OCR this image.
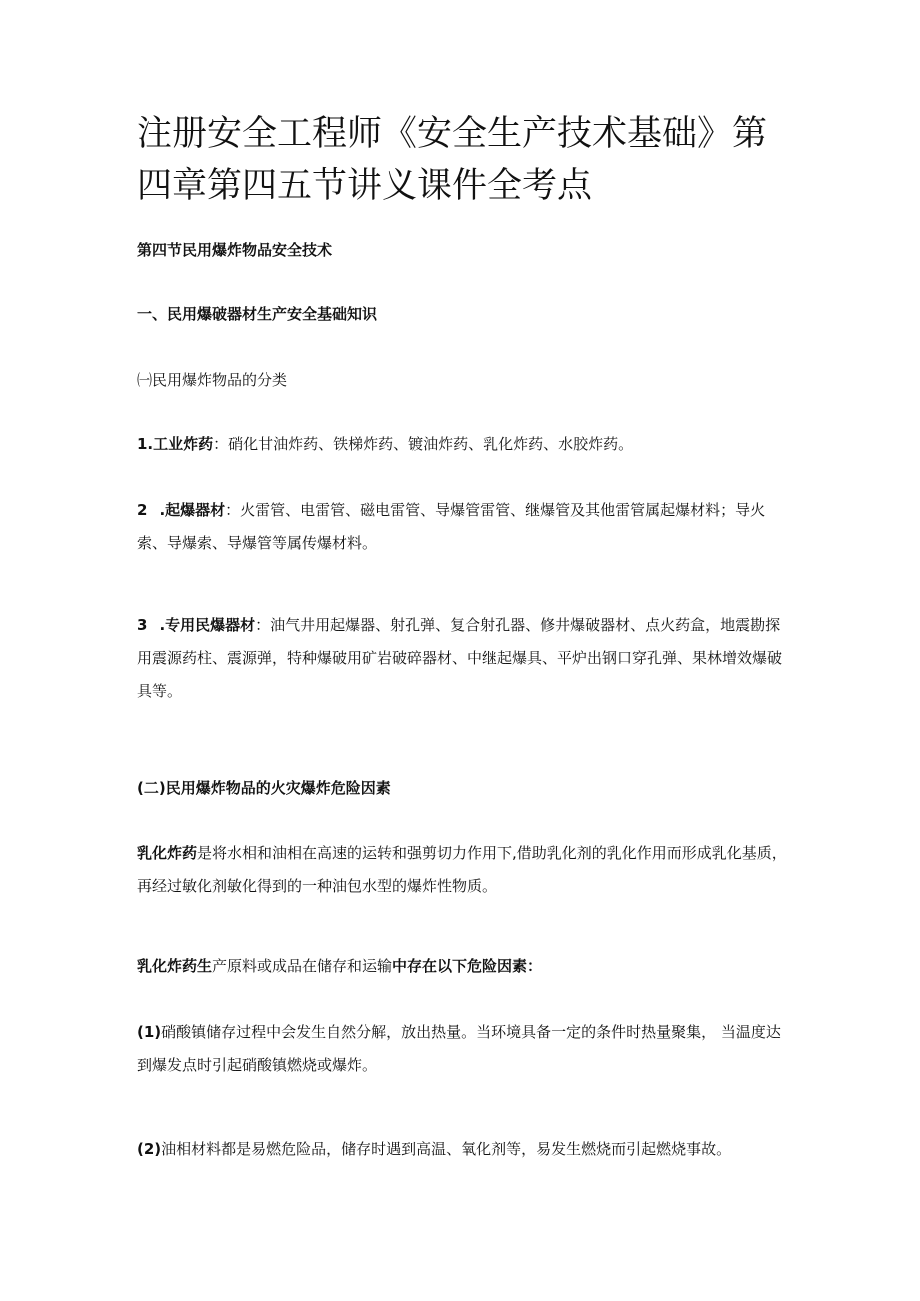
注册安全工程师《安全生产技术基础》第四章第四五节讲义课件全考点

第四节民用爆炸物品安全技术

一、民用爆破器材生产安全基础知识

㈠民用爆炸物品的分类

1.工业炸药：硝化甘油炸药、铁梯炸药、镀油炸药、乳化炸药、水胶炸药。

2 .起爆器材：火雷管、电雷管、磁电雷管、导爆管雷管、继爆管及其他雷管属起爆材料；导火索、导爆索、导爆管等属传爆材料。

3 .专用民爆器材：油气井用起爆器、射孔弹、复合射孔器、修井爆破器材、点火药盒，地震勘探用震源药柱、震源弹，特种爆破用矿岩破碎器材、中继起爆具、平炉出钢口穿孔弹、果林增效爆破具等。

(二)民用爆炸物品的火灾爆炸危险因素

乳化炸药是将水相和油相在高速的运转和强剪切力作用下,借助乳化剂的乳化作用而形成乳化基质，再经过敏化剂敏化得到的一种油包水型的爆炸性物质。

乳化炸药生产原料或成品在储存和运输中存在以下危险因素：

(1)硝酸镇储存过程中会发生自然分解，放出热量。当环境具备一定的条件时热量聚集， 当温度达到爆发点时引起硝酸镇燃烧或爆炸。

(2)油相材料都是易燃危险品，储存时遇到高温、氧化剂等，易发生燃烧而引起燃烧事故。
